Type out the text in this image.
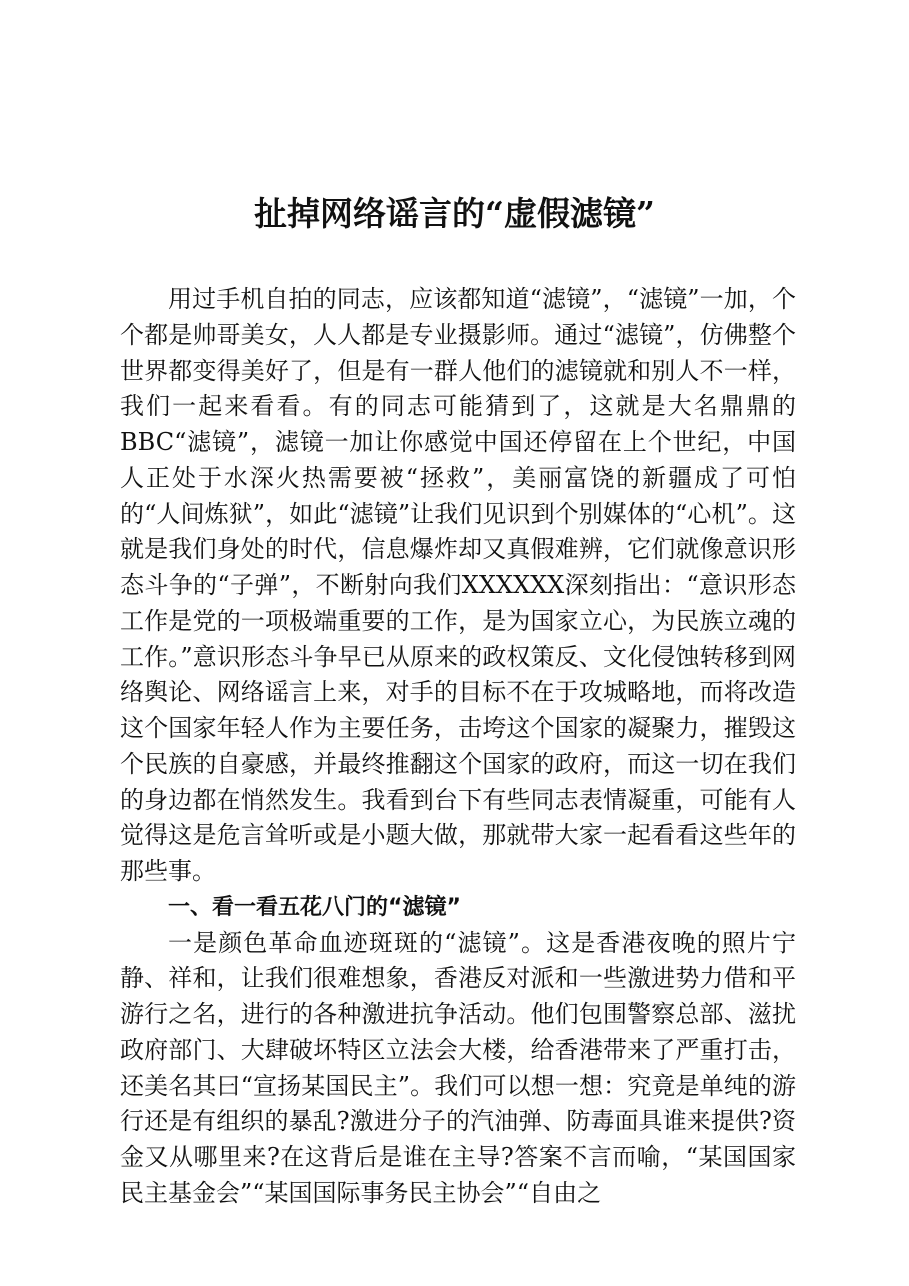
扯掉网络谣言的“虚假滤镜”

用过手机自拍的同志，应该都知道“滤镜”，“滤镜”一加，个个都是帅哥美女，人人都是专业摄影师。通过“滤镜”，仿佛整个世界都变得美好了，但是有一群人他们的滤镜就和别人不一样，我们一起来看看。有的同志可能猜到了，这就是大名鼎鼎的BBC“滤镜”，滤镜一加让你感觉中国还停留在上个世纪，中国人正处于水深火热需要被“拯救”，美丽富饶的新疆成了可怕的“人间炼狱”，如此“滤镜”让我们见识到个别媒体的“心机”。这就是我们身处的时代，信息爆炸却又真假难辨，它们就像意识形态斗争的“子弹”，不断射向我们XXXXXX深刻指出：“意识形态工作是党的一项极端重要的工作，是为国家立心，为民族立魂的工作。”意识形态斗争早已从原来的政权策反、文化侵蚀转移到网络舆论、网络谣言上来，对手的目标不在于攻城略地，而将改造这个国家年轻人作为主要任务，击垮这个国家的凝聚力，摧毁这个民族的自豪感，并最终推翻这个国家的政府，而这一切在我们的身边都在悄然发生。我看到台下有些同志表情凝重，可能有人觉得这是危言耸听或是小题大做，那就带大家一起看看这些年的那些事。

一、看一看五花八门的“滤镜”

一是颜色革命血迹斑斑的“滤镜”。这是香港夜晚的照片宁静、祥和，让我们很难想象，香港反对派和一些激进势力借和平游行之名，进行的各种激进抗争活动。他们包围警察总部、滋扰政府部门、大肆破坏特区立法会大楼，给香港带来了严重打击，还美名其曰“宣扬某国民主”。我们可以想一想：究竟是单纯的游行还是有组织的暴乱?激进分子的汽油弹、防毒面具谁来提供?资金又从哪里来?在这背后是谁在主导?答案不言而喻，“某国国家民主基金会”“某国国际事务民主协会”“自由之
